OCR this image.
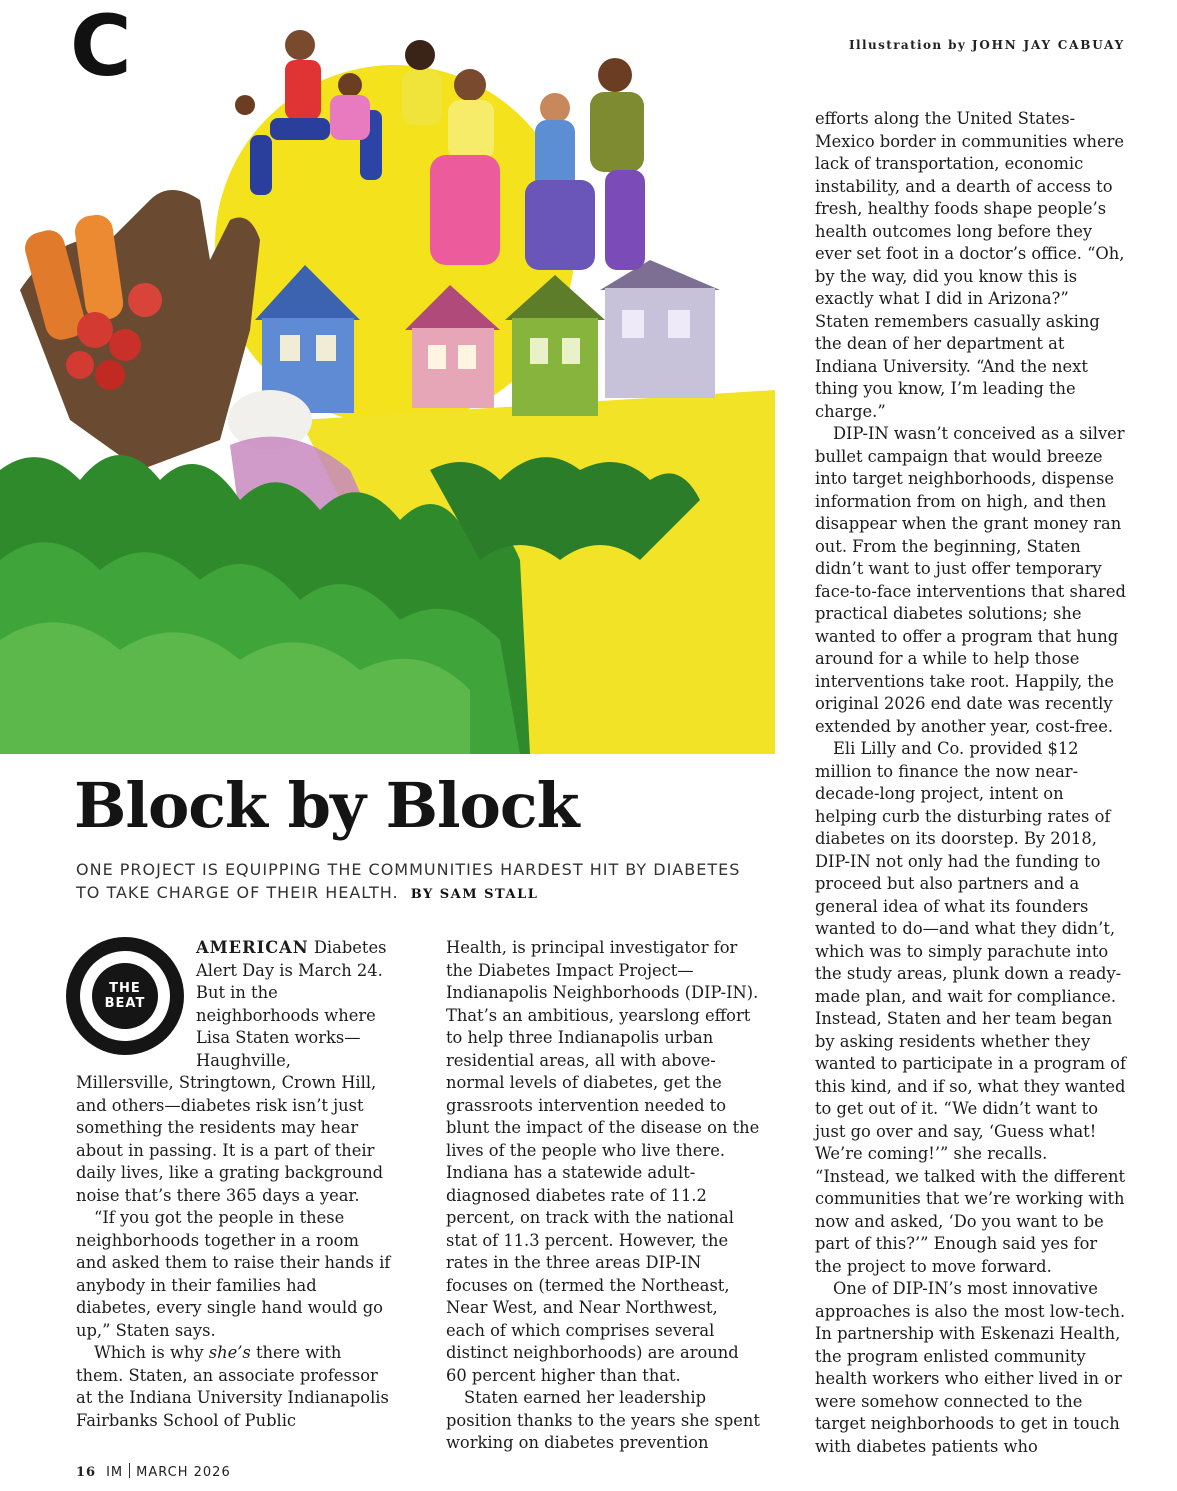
C	Illustration by JOHN JAY CABUAY
Block by Block
ONE PROJECT IS EQUIPPING THE COMMUNITIES HARDEST HIT BY DIABETES TO TAKE CHARGE OF THEIR HEALTH. BY SAM STALL
THE
BEAT

AMERICAN Diabetes Alert Day is March 24. But in the neighborhoods where Lisa Staten works—Haughville, Millersville, Stringtown, Crown Hill, and others—diabetes risk isn’t just something the residents may hear about in passing. It is a part of their daily lives, like a grating background noise that’s there 365 days a year.

“If you got the people in these neighborhoods together in a room and asked them to raise their hands if anybody in their families had diabetes, every single hand would go up,” Staten says.

Which is why she’s there with them. Staten, an associate professor at the Indiana University Indianapolis Fairbanks School of Public

Health, is principal investigator for the Diabetes Impact Project—Indianapolis Neighborhoods (DIP-IN). That’s an ambitious, yearslong effort to help three Indianapolis urban residential areas, all with above-normal levels of diabetes, get the grassroots intervention needed to blunt the impact of the disease on the lives of the people who live there. Indiana has a statewide adult-diagnosed diabetes rate of 11.2 percent, on track with the national stat of 11.3 percent. However, the rates in the three areas DIP-IN focuses on (termed the Northeast, Near West, and Near Northwest, each of which comprises several distinct neighborhoods) are around 60 percent higher than that.

Staten earned her leadership position thanks to the years she spent working on diabetes prevention

efforts along the United States-Mexico border in communities where lack of transportation, economic instability, and a dearth of access to fresh, healthy foods shape people’s health outcomes long before they ever set foot in a doctor’s office. “Oh, by the way, did you know this is exactly what I did in Arizona?” Staten remembers casually asking the dean of her department at Indiana University. “And the next thing you know, I’m leading the charge.”

DIP-IN wasn’t conceived as a silver bullet campaign that would breeze into target neighborhoods, dispense information from on high, and then disappear when the grant money ran out. From the beginning, Staten didn’t want to just offer temporary face-to-face interventions that shared practical diabetes solutions; she wanted to offer a program that hung around for a while to help those interventions take root. Happily, the original 2026 end date was recently extended by another year, cost-free.

Eli Lilly and Co. provided $12 million to finance the now near-decade-long project, intent on helping curb the disturbing rates of diabetes on its doorstep. By 2018, DIP-IN not only had the funding to proceed but also partners and a general idea of what its founders wanted to do—and what they didn’t, which was to simply parachute into the study areas, plunk down a ready-made plan, and wait for compliance. Instead, Staten and her team began by asking residents whether they wanted to participate in a program of this kind, and if so, what they wanted to get out of it. “We didn’t want to just go over and say, ‘Guess what! We’re coming!’” she recalls. “Instead, we talked with the different communities that we’re working with now and asked, ‘Do you want to be part of this?’” Enough said yes for the project to move forward.

One of DIP-IN’s most innovative approaches is also the most low-tech. In partnership with Eskenazi Health, the program enlisted community health workers who either lived in or were somehow connected to the target neighborhoods to get in touch with diabetes patients who

16 IM MARCH 2026
